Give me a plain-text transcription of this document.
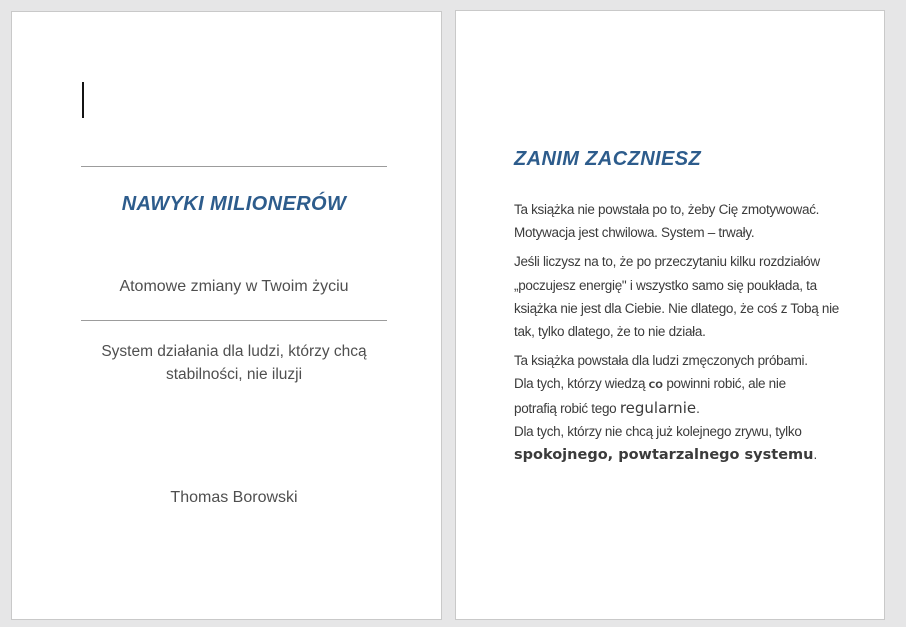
NAWYKI MILIONERÓW
Atomowe zmiany w Twoim życiu
System działania dla ludzi, którzy chcą
stabilności, nie iluzji
Thomas Borowski
ZANIM ZACZNIESZ

Ta książka nie powstała po to, żeby Cię zmotywować.
Motywacja jest chwilowa. System – trwały.

Jeśli liczysz na to, że po przeczytaniu kilku rozdziałów
„poczujesz energię" i wszystko samo się poukłada, ta
książka nie jest dla Ciebie. Nie dlatego, że coś z Tobą nie
tak, tylko dlatego, że to nie działa.

Ta książka powstała dla ludzi zmęczonych próbami.
Dla tych, którzy wiedzą co powinni robić, ale nie
potrafią robić tego regularnie.
Dla tych, którzy nie chcą już kolejnego zrywu, tylko
spokojnego, powtarzalnego systemu.
